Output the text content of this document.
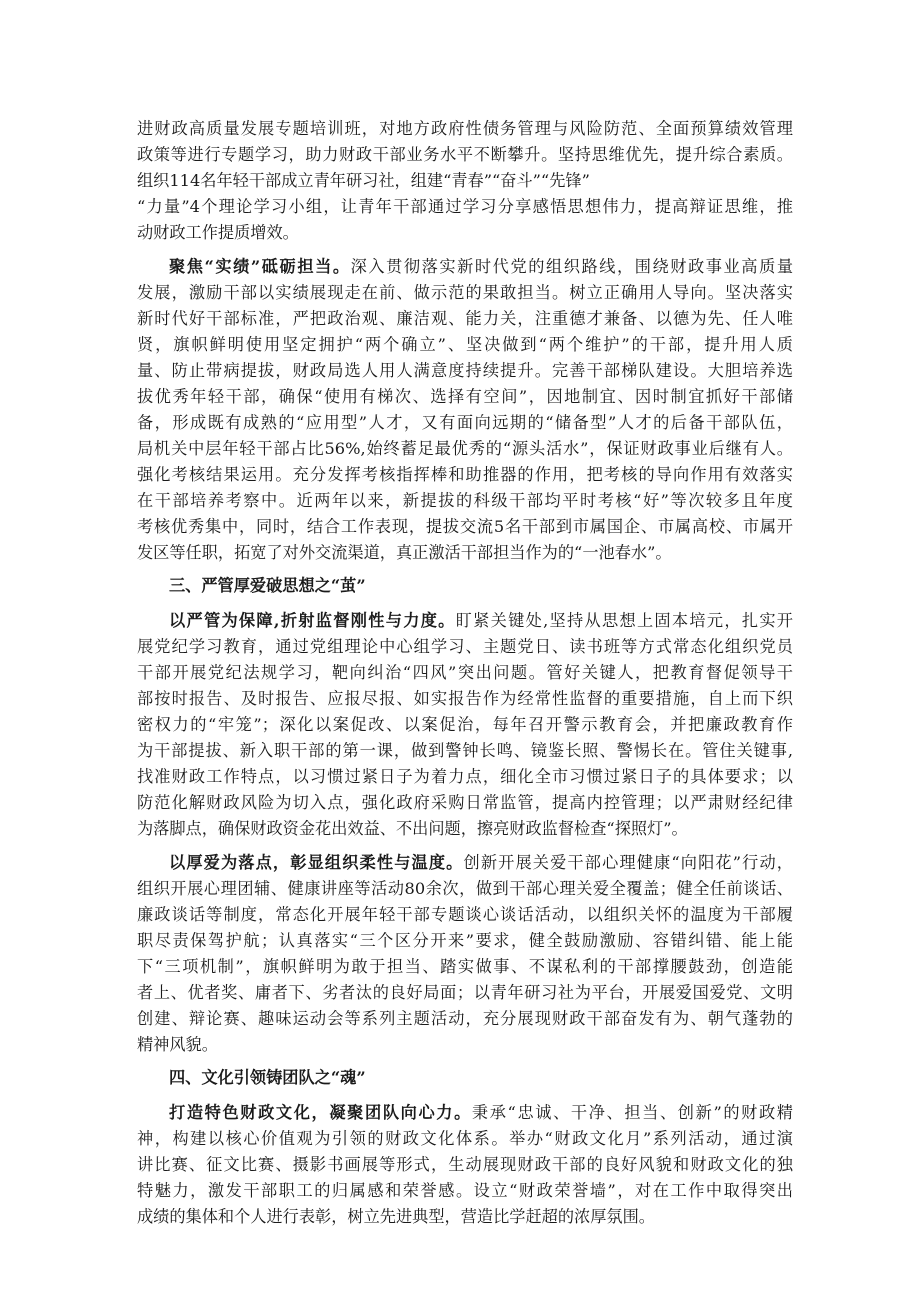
进财政高质量发展专题培训班，对地方政府性债务管理与风险防范、全面预算绩效管理
政策等进行专题学习，助力财政干部业务水平不断攀升。坚持思维优先，提升综合素质。
组织114名年轻干部成立青年研习社，组建“青春”“奋斗”“先锋”
“力量”4个理论学习小组，让青年干部通过学习分享感悟思想伟力，提高辩证思维，推
动财政工作提质增效。
聚焦“实绩”砥砺担当。深入贯彻落实新时代党的组织路线，围绕财政事业高质量
发展，激励干部以实绩展现走在前、做示范的果敢担当。树立正确用人导向。坚决落实
新时代好干部标准，严把政治观、廉洁观、能力关，注重德才兼备、以德为先、任人唯
贤，旗帜鲜明使用坚定拥护“两个确立”、坚决做到“两个维护”的干部，提升用人质
量、防止带病提拔，财政局选人用人满意度持续提升。完善干部梯队建设。大胆培养选
拔优秀年轻干部，确保“使用有梯次、选择有空间”，因地制宜、因时制宜抓好干部储
备，形成既有成熟的“应用型”人才，又有面向远期的“储备型”人才的后备干部队伍，
局机关中层年轻干部占比56%,始终蓄足最优秀的“源头活水”，保证财政事业后继有人。
强化考核结果运用。充分发挥考核指挥棒和助推器的作用，把考核的导向作用有效落实
在干部培养考察中。近两年以来，新提拔的科级干部均平时考核“好”等次较多且年度
考核优秀集中，同时，结合工作表现，提拔交流5名干部到市属国企、市属高校、市属开
发区等任职，拓宽了对外交流渠道，真正激活干部担当作为的“一池春水”。
三、严管厚爱破思想之“茧”
以严管为保障,折射监督刚性与力度。盯紧关键处,坚持从思想上固本培元，扎实开
展党纪学习教育，通过党组理论中心组学习、主题党日、读书班等方式常态化组织党员
干部开展党纪法规学习，靶向纠治“四风”突出问题。管好关键人，把教育督促领导干
部按时报告、及时报告、应报尽报、如实报告作为经常性监督的重要措施，自上而下织
密权力的“牢笼”；深化以案促改、以案促治，每年召开警示教育会，并把廉政教育作
为干部提拔、新入职干部的第一课，做到警钟长鸣、镜鉴长照、警惕长在。管住关键事,
找准财政工作特点，以习惯过紧日子为着力点，细化全市习惯过紧日子的具体要求；以
防范化解财政风险为切入点，强化政府采购日常监管，提高内控管理；以严肃财经纪律
为落脚点，确保财政资金花出效益、不出问题，擦亮财政监督检查“探照灯”。
以厚爱为落点，彰显组织柔性与温度。创新开展关爱干部心理健康“向阳花”行动，
组织开展心理团辅、健康讲座等活动80余次，做到干部心理关爱全覆盖；健全任前谈话、
廉政谈话等制度，常态化开展年轻干部专题谈心谈话活动，以组织关怀的温度为干部履
职尽责保驾护航；认真落实“三个区分开来”要求，健全鼓励激励、容错纠错、能上能
下“三项机制”，旗帜鲜明为敢于担当、踏实做事、不谋私利的干部撑腰鼓劲，创造能
者上、优者奖、庸者下、劣者汰的良好局面；以青年研习社为平台，开展爱国爱党、文明
创建、辩论赛、趣味运动会等系列主题活动，充分展现财政干部奋发有为、朝气蓬勃的
精神风貌。
四、文化引领铸团队之“魂”
打造特色财政文化，凝聚团队向心力。秉承“忠诚、干净、担当、创新”的财政精
神，构建以核心价值观为引领的财政文化体系。举办“财政文化月”系列活动，通过演
讲比赛、征文比赛、摄影书画展等形式，生动展现财政干部的良好风貌和财政文化的独
特魅力，激发干部职工的归属感和荣誉感。设立“财政荣誉墙”，对在工作中取得突出
成绩的集体和个人进行表彰，树立先进典型，营造比学赶超的浓厚氛围。
